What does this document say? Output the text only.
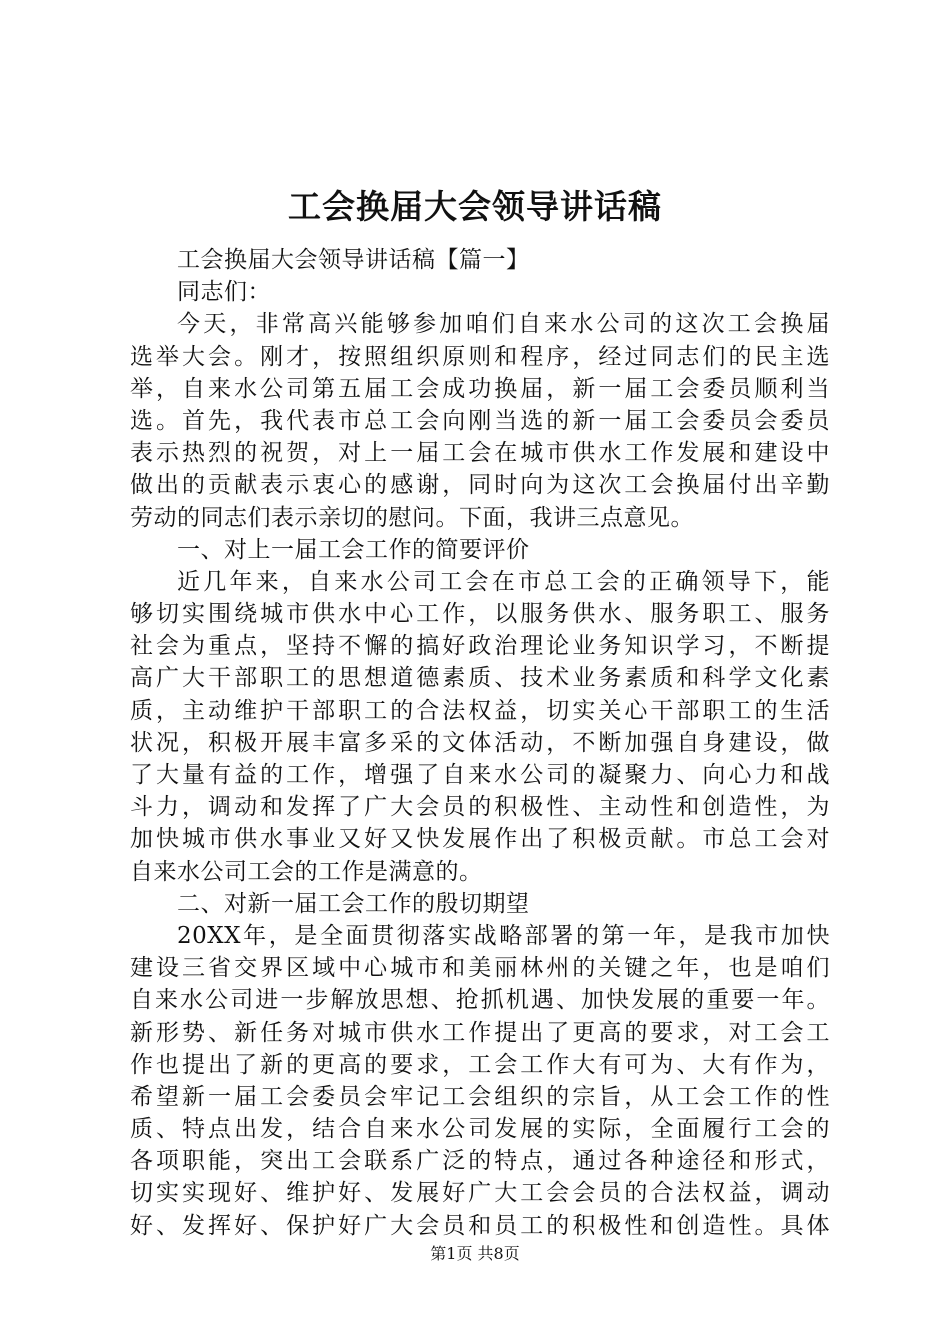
工会换届大会领导讲话稿
工会换届大会领导讲话稿【篇一】
同志们：
今天，非常高兴能够参加咱们自来水公司的这次工会换届
选举大会。刚才，按照组织原则和程序，经过同志们的民主选
举，自来水公司第五届工会成功换届，新一届工会委员顺利当
选。首先，我代表市总工会向刚当选的新一届工会委员会委员
表示热烈的祝贺，对上一届工会在城市供水工作发展和建设中
做出的贡献表示衷心的感谢，同时向为这次工会换届付出辛勤
劳动的同志们表示亲切的慰问。下面，我讲三点意见。
一、对上一届工会工作的简要评价
近几年来，自来水公司工会在市总工会的正确领导下，能
够切实围绕城市供水中心工作，以服务供水、服务职工、服务
社会为重点，坚持不懈的搞好政治理论业务知识学习，不断提
高广大干部职工的思想道德素质、技术业务素质和科学文化素
质，主动维护干部职工的合法权益，切实关心干部职工的生活
状况，积极开展丰富多采的文体活动，不断加强自身建设，做
了大量有益的工作，增强了自来水公司的凝聚力、向心力和战
斗力，调动和发挥了广大会员的积极性、主动性和创造性，为
加快城市供水事业又好又快发展作出了积极贡献。市总工会对
自来水公司工会的工作是满意的。
二、对新一届工会工作的殷切期望
20XX年，是全面贯彻落实战略部署的第一年，是我市加快
建设三省交界区域中心城市和美丽林州的关键之年，也是咱们
自来水公司进一步解放思想、抢抓机遇、加快发展的重要一年。
新形势、新任务对城市供水工作提出了更高的要求，对工会工
作也提出了新的更高的要求，工会工作大有可为、大有作为，
希望新一届工会委员会牢记工会组织的宗旨，从工会工作的性
质、特点出发，结合自来水公司发展的实际，全面履行工会的
各项职能，突出工会联系广泛的特点，通过各种途径和形式，
切实实现好、维护好、发展好广大工会会员的合法权益，调动
好、发挥好、保护好广大会员和员工的积极性和创造性。具体
第1页 共8页
